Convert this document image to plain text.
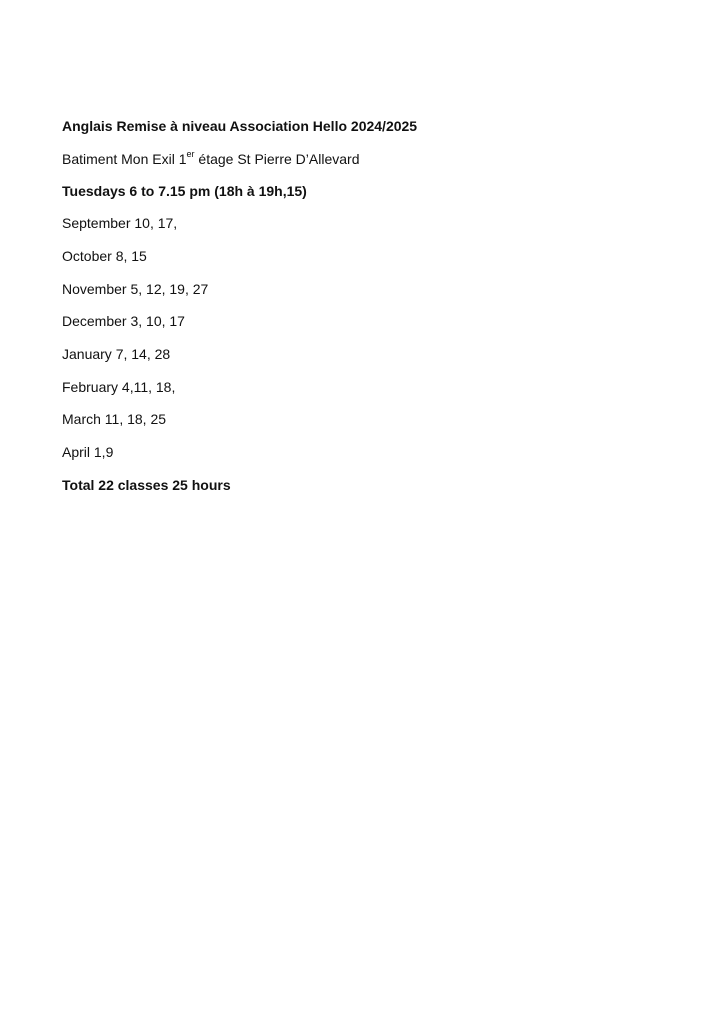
Anglais Remise à niveau Association Hello 2024/2025
Batiment Mon Exil 1er étage St Pierre D’Allevard
Tuesdays 6 to 7.15 pm (18h à 19h,15)
September 10, 17,
October 8, 15
November 5, 12, 19, 27
December 3, 10, 17
January 7, 14, 28
February 4,11, 18,
March 11, 18, 25
April 1,9
Total 22 classes 25 hours
